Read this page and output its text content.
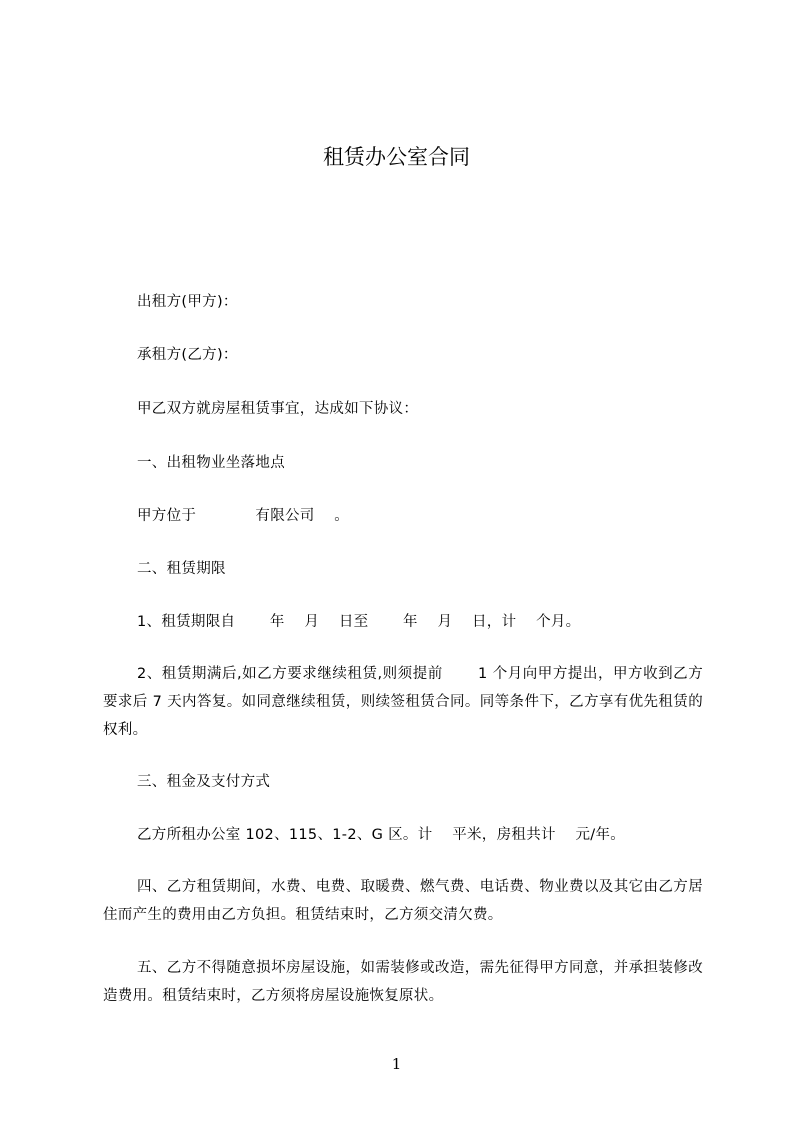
租赁办公室合同
出租方(甲方)：
承租方(乙方)：
甲乙双方就房屋租赁事宜，达成如下协议：
一、出租物业坐落地点
甲方位于　　　　有限公司　 。
二、租赁期限
1、租赁期限自　　 年　 月　 日至　　 年　 月　 日，计　 个月。
2、租赁期满后,如乙方要求继续租赁,则须提前　　 1 个月向甲方提出，甲方收到乙方要求后 7 天内答复。如同意继续租赁，则续签租赁合同。同等条件下，乙方享有优先租赁的权利。
三、租金及支付方式
乙方所租办公室 102、115、1-2、G 区。计　 平米，房租共计　 元/年。
四、乙方租赁期间，水费、电费、取暖费、燃气费、电话费、物业费以及其它由乙方居住而产生的费用由乙方负担。租赁结束时，乙方须交清欠费。
五、乙方不得随意损坏房屋设施，如需装修或改造，需先征得甲方同意，并承担装修改造费用。租赁结束时，乙方须将房屋设施恢复原状。
1
